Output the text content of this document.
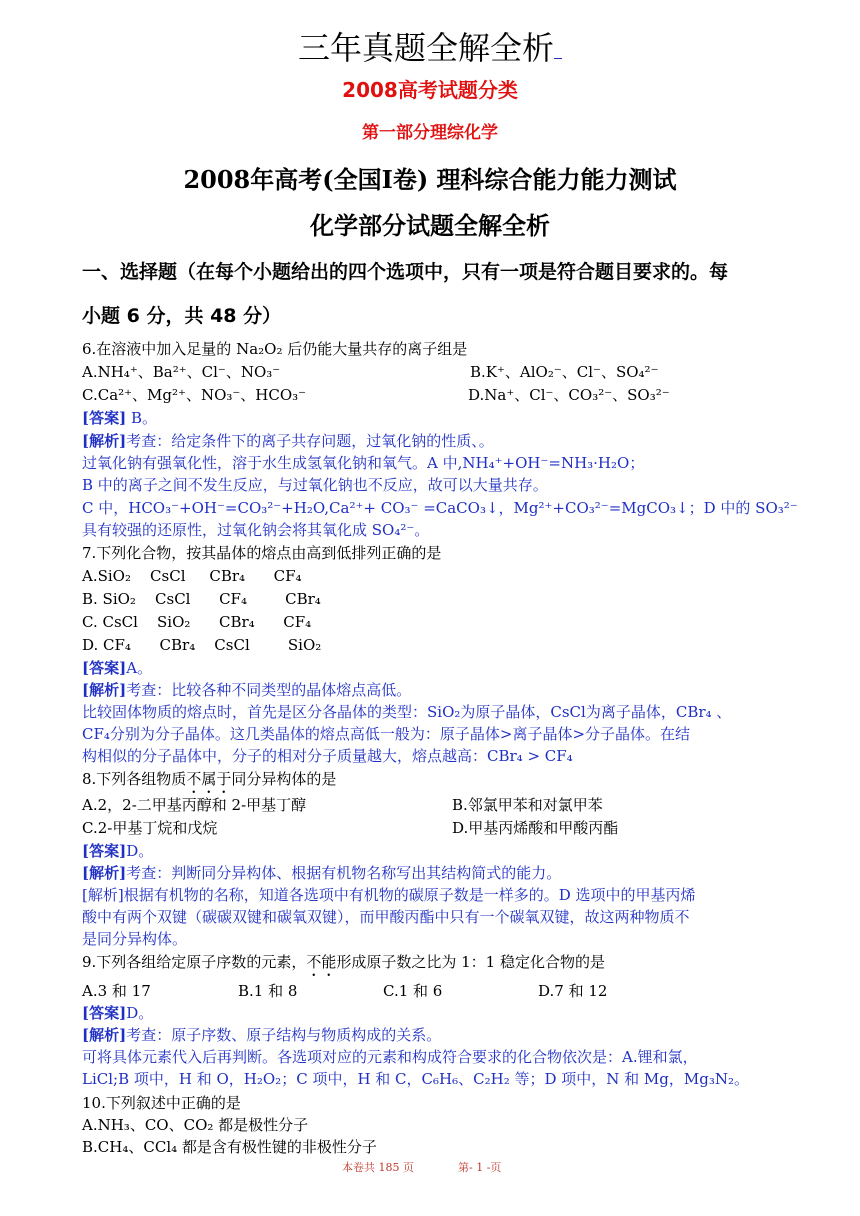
三年真题全解全析
2008高考试题分类
第一部分理综化学
2008年高考(全国Ⅰ卷) 理科综合能力能力测试
化学部分试题全解全析
一、选择题（在每个小题给出的四个选项中，只有一项是符合题目要求的。每
小题 6 分，共 48 分）
6.在溶液中加入足量的 Na₂O₂ 后仍能大量共存的离子组是
A.NH₄⁺、Ba²⁺、Cl⁻、NO₃⁻	B.K⁺、AlO₂⁻、Cl⁻、SO₄²⁻
C.Ca²⁺、Mg²⁺、NO₃⁻、HCO₃⁻	D.Na⁺、Cl⁻、CO₃²⁻、SO₃²⁻
[答案] B。
[解析]考查：给定条件下的离子共存问题，过氧化钠的性质、。
过氧化钠有强氧化性，溶于水生成氢氧化钠和氧气。A 中,NH₄⁺+OH⁻=NH₃·H₂O；
B 中的离子之间不发生反应，与过氧化钠也不反应，故可以大量共存。
C 中，HCO₃⁻+OH⁻=CO₃²⁻+H₂O,Ca²⁺+ CO₃⁻ =CaCO₃↓，Mg²⁺+CO₃²⁻=MgCO₃↓；D 中的 SO₃²⁻
具有较强的还原性，过氧化钠会将其氧化成 SO₄²⁻。
7.下列化合物，按其晶体的熔点由高到低排列正确的是
A.SiO₂    CsCl     CBr₄      CF₄
B. SiO₂    CsCl      CF₄        CBr₄
C. CsCl    SiO₂      CBr₄      CF₄
D. CF₄      CBr₄    CsCl        SiO₂
[答案]A。
[解析]考查：比较各种不同类型的晶体熔点高低。
比较固体物质的熔点时，首先是区分各晶体的类型：SiO₂为原子晶体，CsCl为离子晶体，CBr₄ 、
CF₄分别为分子晶体。这几类晶体的熔点高低一般为：原子晶体>离子晶体>分子晶体。在结
构相似的分子晶体中，分子的相对分子质量越大，熔点越高：CBr₄ > CF₄
8.下列各组物质不属于同分异构体的是
A.2，2-二甲基丙醇和 2-甲基丁醇	B.邻氯甲苯和对氯甲苯
C.2-甲基丁烷和戊烷	D.甲基丙烯酸和甲酸丙酯
[答案]D。
[解析]考查：判断同分异构体、根据有机物名称写出其结构简式的能力。
[解析]根据有机物的名称，知道各选项中有机物的碳原子数是一样多的。D 选项中的甲基丙烯
酸中有两个双键（碳碳双键和碳氧双键），而甲酸丙酯中只有一个碳氧双键，故这两种物质不
是同分异构体。
9.下列各组给定原子序数的元素，不能形成原子数之比为 1：1 稳定化合物的是
A.3 和 17	B.1 和 8	C.1 和 6	D.7 和 12
[答案]D。
[解析]考查：原子序数、原子结构与物质构成的关系。
可将具体元素代入后再判断。各选项对应的元素和构成符合要求的化合物依次是：A.锂和氯，
LiCl;B 项中，H 和 O，H₂O₂；C 项中，H 和 C，C₆H₆、C₂H₂ 等；D 项中，N 和 Mg，Mg₃N₂。
10.下列叙述中正确的是
A.NH₃、CO、CO₂ 都是极性分子
B.CH₄、CCl₄ 都是含有极性键的非极性分子
本卷共 185 页	第- 1 -页
